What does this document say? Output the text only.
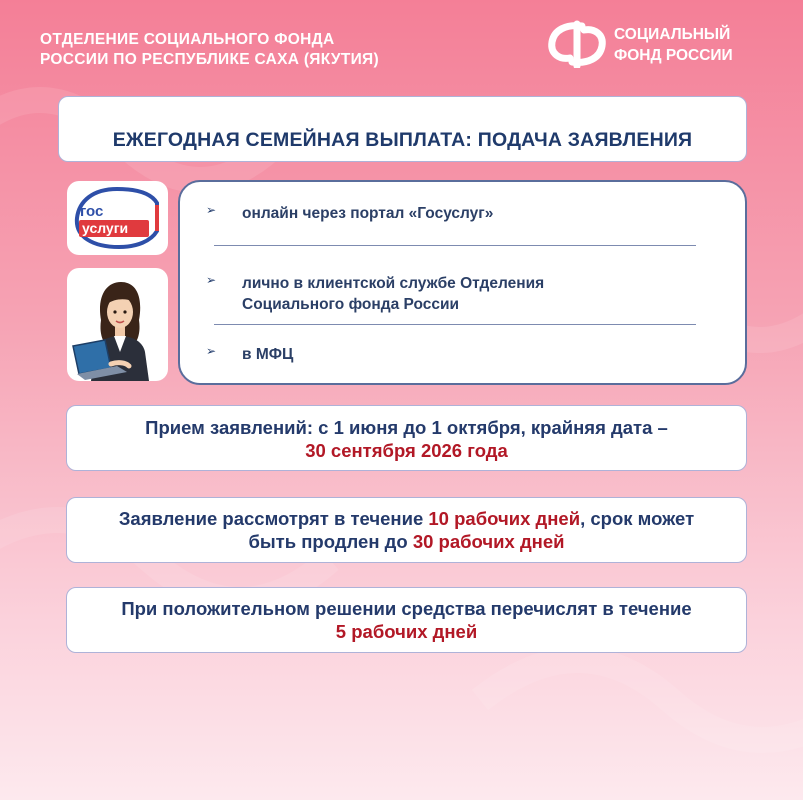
ОТДЕЛЕНИЕ СОЦИАЛЬНОГО ФОНДА
РОССИИ ПО РЕСПУБЛИКЕ САХА (ЯКУТИЯ)
СОЦИАЛЬНЫЙ
ФОНД РОССИИ
ЕЖЕГОДНАЯ СЕМЕЙНАЯ ВЫПЛАТА: ПОДАЧА ЗАЯВЛЕНИЯ
гос
услуги
➢ онлайн через портал «Госуслуг»
➢ лично в клиентской службе Отделения
Социального фонда России
➢ в МФЦ
Прием заявлений: с 1 июня до 1 октября, крайняя дата –
30 сентября 2026 года
Заявление рассмотрят в течение 10 рабочих дней, срок может
быть продлен до 30 рабочих дней
При положительном решении средства перечислят в течение
5 рабочих дней
